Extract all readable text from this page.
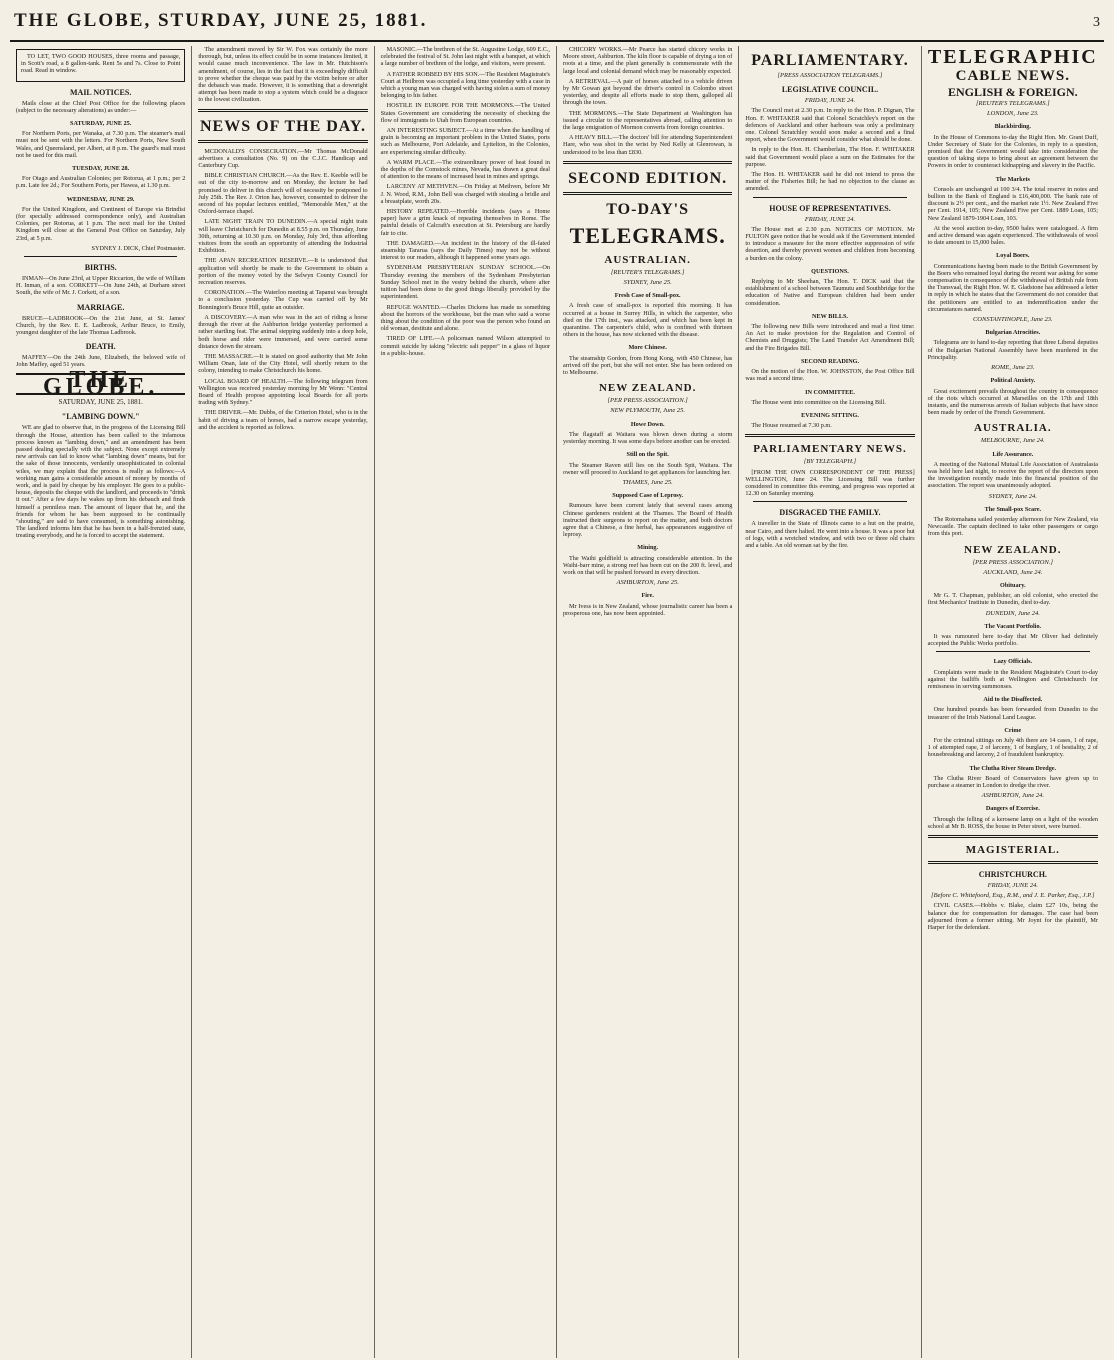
THE GLOBE, STURDAY, JUNE 25, 1881.	3

TO LET, TWO GOOD HOUSES, three rooms and passage, in Scott's road, a 8 gallon-tank. Rent 5s and 7s. Close to Point road. Read in window.

MAIL NOTICES.

Mails close at the Chief Post Office for the following places (subject to the necessary alterations) as under:—

SATURDAY, JUNE 25.

For Northern Ports, per Wanaka, at 7.30 p.m. The steamer's mail must not be sent with the letters. For Northern Ports, New South Wales, and Queensland, per Albert, at 8 p.m. The guard's mail must not be used for this mail.

TUESDAY, JUNE 28.

For Otago and Australian Colonies; per Rotorua, at 1 p.m.; per 2 p.m. Late fee 2d.; For Southern Ports, per Hawea, at 1.30 p.m.

WEDNESDAY, JUNE 29.

For the United Kingdom, and Continent of Europe via Brindisi (for specially addressed correspondence only), and Australian Colonies, per Rotorua, at 1 p.m. The next mail for the United Kingdom will close at the General Post Office on Saturday, July 23rd, at 5 p.m.

SYDNEY J. DICK, Chief Postmaster.

BIRTHS.

INMAN—On June 23rd, at Upper Riccarton, the wife of William H. Inman, of a son. CORKETT—On June 24th, at Durham street South, the wife of Mr. J. Corkett, of a son.

MARRIAGE.

BRUCE—LADBROOK—On the 21st June, at St. James' Church, by the Rev. E. E. Ladbrook, Arthur Bruce, to Emily, youngest daughter of the late Thomas Ladbrook.

DEATH.

MAFFEY—On the 24th June, Elizabeth, the beloved wife of John Maffey, aged 51 years.

THE GLOBE.
SATURDAY, JUNE 25, 1881.
"LAMBING DOWN."

WE are glad to observe that, in the progress of the Licensing Bill through the House, attention has been called to the infamous process known as "lambing down," and an amendment has been passed dealing specially with the subject. None except extremely new arrivals can fail to know what "lambing down" means, but for the sake of those innocents, verdantly unsophisticated in colonial wiles, we may explain that the process is really as follows:—A working man gains a considerable amount of money by months of work, and is paid by cheque by his employer. He goes to a public-house, deposits the cheque with the landlord, and proceeds to "drink it out." After a few days he wakes up from his debauch and finds himself a penniless man. The amount of liquor that he, and the friends for whom he has been supposed to be continually "shouting," are said to have consumed, is something astonishing. The landlord informs him that he has been in a half-frenzied state, treating everybody, and he is forced to accept the statement.

The amendment moved by Sir W. Fox was certainly the more thorough, but, unless its effect could be in some instances limited, it would cause much inconvenience. The law in Mr. Hutchison's amendment, of course, lies in the fact that it is exceedingly difficult to prove whether the cheque was paid by the victim before or after the debauch was made. However, it is something that a downright attempt has been made to stop a system which could be a disgrace to the lowest civilization.

NEWS OF THE DAY.

MCDONALD'S CONSECRATION.—Mr Thomas McDonald advertises a consultation (No. 9) on the C.J.C. Handicap and Canterbury Cup.

BIBLE CHRISTIAN CHURCH.—As the Rev. E. Keeble will be out of the city to-morrow and on Monday, the lecture he had promised to deliver in this church will of necessity be postponed to July 25th. The Rev. J. Orton has, however, consented to deliver the second of his popular lectures entitled, "Memorable Men," at the Oxford-terrace chapel.

LATE NIGHT TRAIN TO DUNEDIN.—A special night train will leave Christchurch for Dunedin at 8.55 p.m. on Thursday, June 30th, returning at 10.30 p.m. on Monday, July 3rd, thus affording visitors from the south an opportunity of attending the Industrial Exhibition.

THE APAN RECREATION RESERVE.—It is understood that application will shortly be made to the Government to obtain a portion of the money voted by the Selwyn County Council for recreation reserves.

CORONATION.—The Waterloo meeting at Tapanui was brought to a conclusion yesterday. The Cup was carried off by Mr Bonnington's Bruce Hill, quite an outsider.

A DISCOVERY.—A man who was in the act of riding a horse through the river at the Ashburton bridge yesterday performed a rather startling feat. The animal stepping suddenly into a deep hole, both horse and rider were immersed, and were carried some distance down the stream.

THE MASSACRE.—It is stated on good authority that Mr John William Onan, late of the City Hotel, will shortly return to the colony, intending to make Christchurch his home.

LOCAL BOARD OF HEALTH.—The following telegram from Wellington was received yesterday morning by Mr Wenn: "Central Board of Health propose appointing local Boards for all ports trading with Sydney."

THE DRIVER.—Mr. Dubbs, of the Criterion Hotel, who is in the habit of driving a team of horses, had a narrow escape yesterday, and the accident is reported as follows.

MASONIC.—The brethren of the St. Augustine Lodge, 609 E.C., celebrated the festival of St. John last night with a banquet, at which a large number of brethren of the lodge, and visitors, were present.

A FATHER ROBBED BY HIS SON.—The Resident Magistrate's Court at Heilbron was occupied a long time yesterday with a case in which a young man was charged with having stolen a sum of money belonging to his father.

HOSTILE IN EUROPE FOR THE MORMONS.—The United States Government are considering the necessity of checking the flow of immigrants to Utah from European countries.

AN INTERESTING SUBJECT.—At a time when the handling of grain is becoming an important problem in the United States, ports such as Melbourne, Port Adelaide, and Lyttelton, in the Colonies, are experiencing similar difficulty.

A WARM PLACE.—The extraordinary power of heat found in the depths of the Comstock mines, Nevada, has drawn a great deal of attention to the means of increased heat in mines and springs.

LARCENY AT METHVEN.—On Friday at Methven, before Mr J. N. Wood, R.M., John Bell was charged with stealing a bridle and a breastplate, worth 20s.

HISTORY REPEATED.—Horrible incidents (says a Home paper) have a grim knack of repeating themselves in Rome. The painful details of Calcraft's execution at St. Petersburg are hardly fair to cite.

THE DAMAGED.—An incident in the history of the ill-fated steamship Tararua (says the Daily Times) may not be without interest to our readers, although it happened some years ago.

SYDENHAM PRESBYTERIAN SUNDAY SCHOOL.—On Thursday evening the members of the Sydenham Presbyterian Sunday School met in the vestry behind the church, where after tuition had been done to the good things liberally provided by the superintendent.

REFUGE WANTED.—Charles Dickens has made us something about the horrors of the workhouse, but the man who said a worse thing about the condition of the poor was the person who found an old woman, destitute and alone.

TIRED OF LIFE.—A policeman named Wilson attempted to commit suicide by taking "electric salt pepper" in a glass of liquor in a public-house.

CHICORY WORKS.—Mr Pearce has started chicory works in Moore street, Ashburton. The kiln floor is capable of drying a ton of roots at a time, and the plant generally is commensurate with the large local and colonial demand which may be reasonably expected.

A RETRIEVAL.—A pair of horses attached to a vehicle driven by Mr Gowan got beyond the driver's control in Colombo street yesterday, and despite all efforts made to stop them, galloped all through the town.

THE MORMONS.—The State Department at Washington has issued a circular to the representatives abroad, calling attention to the large emigration of Mormon converts from foreign countries.

A HEAVY BILL.—The doctors' bill for attending Superintendent Hare, who was shot in the wrist by Ned Kelly at Glenrowan, is understood to be less than £830.

SECOND EDITION.
TO-DAY'S
TELEGRAMS.
AUSTRALIAN.
[REUTER'S TELEGRAMS.]
SYDNEY, June 25.
Fresh Case of Small-pox.

A fresh case of small-pox is reported this morning. It has occurred at a house in Surrey Hills, in which the carpenter, who died on the 17th inst., was attacked, and which has been kept in quarantine. The carpenter's child, who is confined with thirteen others in the house, has now sickened with the disease.

More Chinese.

The steamship Gordon, from Hong Kong, with 450 Chinese, has arrived off the port, but she will not enter. She has been ordered on to Melbourne.

NEW ZEALAND.
[PER PRESS ASSOCIATION.]
NEW PLYMOUTH, June 25.
Howe Down.

The flagstaff at Waitara was blown down during a storm yesterday morning. It was some days before another can be erected.

Still on the Spit.

The Steamer Raven still lies on the South Spit, Waitara. The owner will proceed to Auckland to get appliances for launching her.

THAMES, June 25.
Supposed Case of Leprosy.

Rumours have been current lately that several cases among Chinese gardeners resident at the Thames. The Board of Health instructed their surgeons to report on the matter, and both doctors agree that a Chinese, a fine herbal, has appearances suggestive of leprosy.

Mining.

The Waihi goldfield is attracting considerable attention. In the Waihi-barr mine, a strong reef has been cut on the 200 ft. level, and work on that will be pushed forward in every direction.

ASHBURTON, June 25.
Fire.

Mr Ivess is in New Zealand, whose journalistic career has been a prosperous one, has now been appointed.

PARLIAMENTARY.
[PRESS ASSOCIATION TELEGRAMS.]
LEGISLATIVE COUNCIL.
FRIDAY, JUNE 24.

The Council met at 2.30 p.m. In reply to the Hon. P. Dignan, The Hon. F. WHITAKER said that Colonel Scratchley's report on the defences of Auckland and other harbours was only a preliminary one. Colonel Scratchley would soon make a second and a final report, when the Government would consider what should be done.

In reply to the Hon. H. Chamberlain, The Hon. F. WHITAKER said that Government would place a sum on the Estimates for the purpose.

The Hon. H. WHITAKER said he did not intend to press the matter of the Fisheries Bill; he had no objection to the clause as amended.

HOUSE OF REPRESENTATIVES.
FRIDAY, JUNE 24.

The House met at 2.30 p.m. NOTICES OF MOTION. Mr FULTON gave notice that he would ask if the Government intended to introduce a measure for the more effective suppression of wife desertion, and thereby prevent women and children from becoming a burden on the colony.

QUESTIONS.

Replying to Mr Sheehan, The Hon. T. DICK said that the establishment of a school between Taumutu and Southbridge for the education of Native and European children had been under consideration.

NEW BILLS.

The following new Bills were introduced and read a first time: An Act to make provision for the Regulation and Control of Chemists and Druggists; The Land Transfer Act Amendment Bill; and the Fire Brigades Bill.

SECOND READING.

On the motion of the Hon. W. JOHNSTON, the Post Office Bill was read a second time.

IN COMMITTEE.

The House went into committee on the Licensing Bill.

EVENING SITTING.

The House resumed at 7.30 p.m.

PARLIAMENTARY NEWS.
[BY TELEGRAPH.]

[FROM THE OWN CORRESPONDENT OF THE PRESS] WELLINGTON, June 24. The Licensing Bill was further considered in committee this evening, and progress was reported at 12.30 on Saturday morning.

DISGRACED THE FAMILY.

A traveller in the State of Illinois came to a hut on the prairie, near Cairo, and there halted. He went into a house. It was a poor hut of logs, with a wretched window, and with two or three old chairs and a table. An old woman sat by the fire.

TELEGRAPHIC
CABLE NEWS.
ENGLISH & FOREIGN.
[REUTER'S TELEGRAMS.]
LONDON, June 23.
Blackbirding.

In the House of Commons to-day the Right Hon. Mr. Grant Duff, Under Secretary of State for the Colonies, in reply to a question, promised that the Government would take into consideration the question of taking steps to bring about an agreement between the Powers in order to counteract kidnapping and slavery in the Pacific.

The Markets

Consols are unchanged at 100 3/4. The total reserve in notes and bullion in the Bank of England is £16,400,000. The bank rate of discount is 2½ per cent., and the market rate 1½. New Zealand Five per Cent. 1914, 105; New Zealand Five per Cent. 1889 Loan, 105; New Zealand 1879-1904 Loan, 103.

At the wool auction to-day, 9500 bales were catalogued. A firm and active demand was again experienced. The withdrawals of wool to date amount to 15,000 bales.

Loyal Boers.

Communications having been made to the British Government by the Boers who remained loyal during the recent war asking for some compensation in consequence of the withdrawal of British rule from the Transvaal, the Right Hon. W. E. Gladstone has addressed a letter in reply in which he states that the Government do not consider that the petitioners are entitled to an indemnification under the circumstances named.

CONSTANTINOPLE, June 23.
Bulgarian Atrocities.

Telegrams are to hand to-day reporting that three Liberal deputies of the Bulgarian National Assembly have been murdered in the Principality.

ROME, June 23.
Political Anxiety.

Great excitement prevails throughout the country in consequence of the riots which occurred at Marseilles on the 17th and 18th instants, and the numerous arrests of Italian subjects that have since been made by order of the French Government.

AUSTRALIA.
MELBOURNE, June 24.
Life Assurance.

A meeting of the National Mutual Life Association of Australasia was held here last night, to receive the report of the directors upon the investigation recently made into the financial position of the association. The report was unanimously adopted.

SYDNEY, June 24.
The Small-pox Scare.

The Rotomahana sailed yesterday afternoon for New Zealand, via Newcastle. The captain declined to take other passengers or cargo from this port.

NEW ZEALAND.
[PER PRESS ASSOCIATION.]
AUCKLAND, June 24.
Obituary.

Mr G. T. Chapman, publisher, an old colonist, who erected the first Mechanics' Institute in Dunedin, died to-day.

DUNEDIN, June 24.
The Vacant Portfolio.

It was rumoured here to-day that Mr Oliver had definitely accepted the Public Works portfolio.

Lazy Officials.

Complaints were made in the Resident Magistrate's Court to-day against the bailiffs both at Wellington and Christchurch for remissness in serving summonses.

Aid to the Disaffected.

One hundred pounds has been forwarded from Dunedin to the treasurer of the Irish National Land League.

Crime

For the criminal sittings on July 4th there are 14 cases, 1 of rape, 1 of attempted rape, 2 of larceny, 1 of burglary, 1 of bestiality, 2 of housebreaking and larceny, 2 of fraudulent bankruptcy.

The Clutha River Steam Dredge.

The Clutha River Board of Conservators have given up to purchase a steamer in London to dredge the river.

ASHBURTON, June 24.
Dangers of Exercise.

Through the felling of a kerosene lamp on a light of the wooden school at Mr B. ROSS, the house in Peter street, were burned.

MAGISTERIAL.
CHRISTCHURCH.
FRIDAY, JUNE 24.
[Before C. Whitefoord, Esq., R.M., and J. E. Parker, Esq., J.P.]

CIVIL CASES.—Hobbs v. Blake, claim £27 10s, being the balance due for compensation for damages. The case had been adjourned from a former sitting. Mr Joynt for the plaintiff, Mr Harper for the defendant.
